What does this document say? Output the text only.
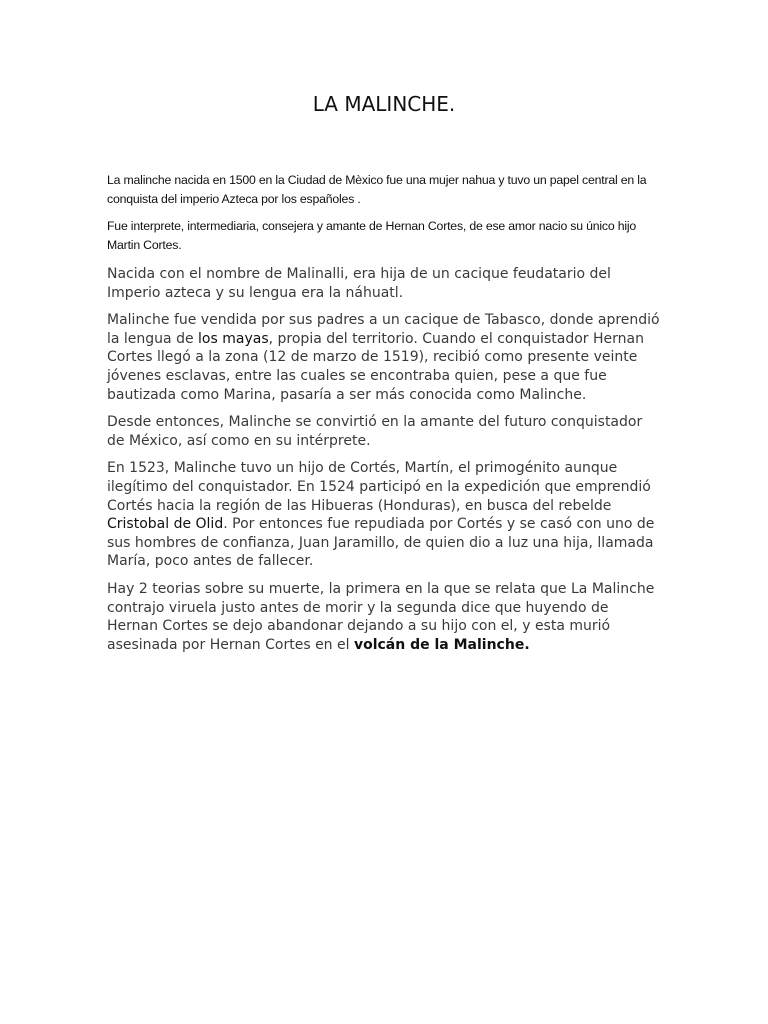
LA MALINCHE.

La malinche nacida en 1500 en la Ciudad de Mèxico fue una mujer nahua y tuvo un papel central en la conquista del imperio Azteca por los españoles .

Fue interprete, intermediaria, consejera y amante de Hernan Cortes, de ese amor nacio su único hijo Martin Cortes.

Nacida con el nombre de Malinalli, era hija de un cacique feudatario del Imperio azteca y su lengua era la náhuatl.

Malinche fue vendida por sus padres a un cacique de Tabasco, donde aprendió la lengua de los mayas, propia del territorio. Cuando el conquistador Hernan Cortes llegó a la zona (12 de marzo de 1519), recibió como presente veinte jóvenes esclavas, entre las cuales se encontraba quien, pese a que fue bautizada como Marina, pasaría a ser más conocida como Malinche.

Desde entonces, Malinche se convirtió en la amante del futuro conquistador de México, así como en su intérprete.

En 1523, Malinche tuvo un hijo de Cortés, Martín, el primogénito aunque ilegítimo del conquistador. En 1524 participó en la expedición que emprendió Cortés hacia la región de las Hibueras (Honduras), en busca del rebelde Cristobal de Olid. Por entonces fue repudiada por Cortés y se casó con uno de sus hombres de confianza, Juan Jaramillo, de quien dio a luz una hija, llamada María, poco antes de fallecer.

Hay 2 teorias sobre su muerte, la primera en la que se relata que La Malinche contrajo viruela justo antes de morir y la segunda dice que huyendo de Hernan Cortes se dejo abandonar dejando a su hijo con el, y esta murió asesinada por Hernan Cortes en el volcán de la Malinche.
